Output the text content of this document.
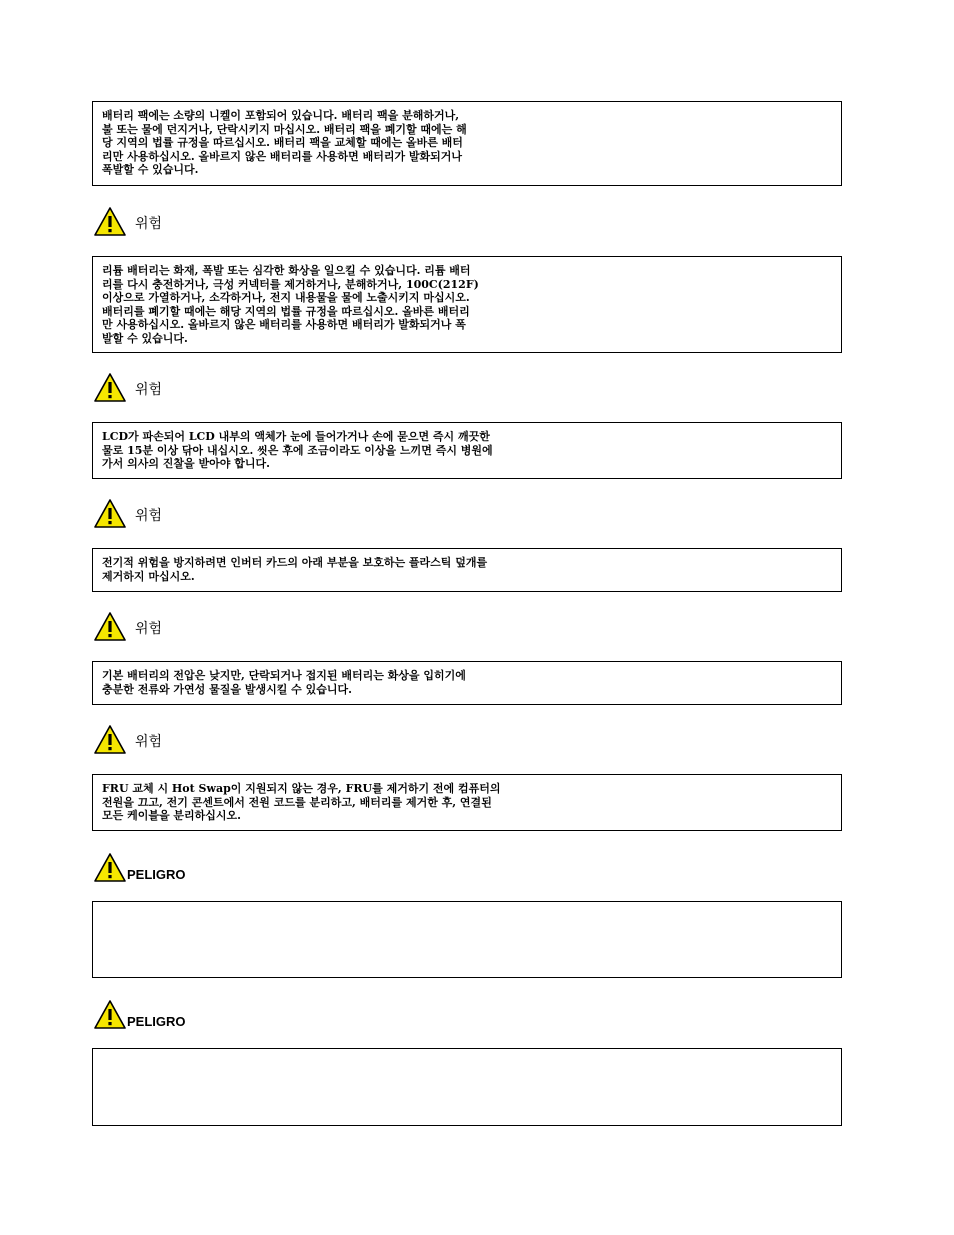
배터리 팩에는 소량의 니켈이 포함되어 있습니다. 배터리 팩을 분해하거나,
불 또는 물에 던지거나, 단락시키지 마십시오. 배터리 팩을 폐기할 때에는 해
당 지역의 법률 규정을 따르십시오. 배터리 팩을 교체할 때에는 올바른 배터
리만 사용하십시오. 올바르지 않은 배터리를 사용하면 배터리가 발화되거나
폭발할 수 있습니다.
위험
리튬 배터리는 화재, 폭발 또는 심각한 화상을 일으킬 수 있습니다. 리튬 배터
리를 다시 충전하거나, 극성 커넥터를 제거하거나, 분해하거나, 100C(212F)
이상으로 가열하거나, 소각하거나, 전지 내용물을 물에 노출시키지 마십시오.
배터리를 폐기할 때에는 해당 지역의 법률 규정을 따르십시오. 올바른 배터리
만 사용하십시오. 올바르지 않은 배터리를 사용하면 배터리가 발화되거나 폭
발할 수 있습니다.
위험
LCD가 파손되어 LCD 내부의 액체가 눈에 들어가거나 손에 묻으면 즉시 깨끗한
물로 15분 이상 닦아 내십시오. 씻은 후에 조금이라도 이상을 느끼면 즉시 병원에
가서 의사의 진찰을 받아야 합니다.
위험
전기적 위험을 방지하려면 인버터 카드의 아래 부분을 보호하는 플라스틱 덮개를
제거하지 마십시오.
위험
기본 배터리의 전압은 낮지만, 단락되거나 접지된 배터리는 화상을 입히기에
충분한 전류와 가연성 물질을 발생시킬 수 있습니다.
위험
FRU 교체 시 Hot Swap이 지원되지 않는 경우, FRU를 제거하기 전에 컴퓨터의
전원을 끄고, 전기 콘센트에서 전원 코드를 분리하고, 배터리를 제거한 후, 연결된
모든 케이블을 분리하십시오.
PELIGRO
PELIGRO
